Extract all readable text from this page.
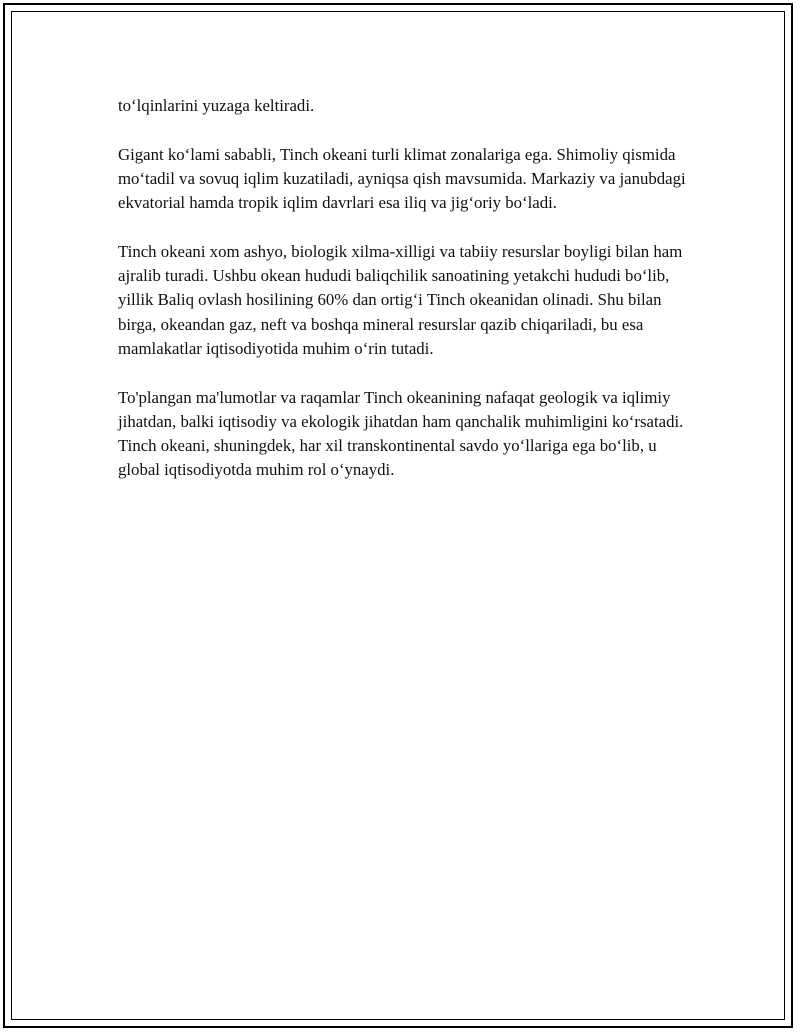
to‘lqinlarini yuzaga keltiradi.

Gigant ko‘lami sababli, Tinch okeani turli klimat zonalariga ega. Shimoliy qismida mo‘tadil va sovuq iqlim kuzatiladi, ayniqsa qish mavsumida. Markaziy va janubdagi ekvatorial hamda tropik iqlim davrlari esa iliq va jig‘oriy bo‘ladi.

Tinch okeani xom ashyo, biologik xilma-xilligi va tabiiy resurslar boyligi bilan ham ajralib turadi. Ushbu okean hududi baliqchilik sanoatining yetakchi hududi bo‘lib, yillik Baliq ovlash hosilining 60% dan ortig‘i Tinch okeanidan olinadi. Shu bilan birga, okeandan gaz, neft va boshqa mineral resurslar qazib chiqariladi, bu esa mamlakatlar iqtisodiyotida muhim o‘rin tutadi.

To'plangan ma'lumotlar va raqamlar Tinch okeanining nafaqat geologik va iqlimiy jihatdan, balki iqtisodiy va ekologik jihatdan ham qanchalik muhimligini ko‘rsatadi. Tinch okeani, shuningdek, har xil transkontinental savdo yo‘llariga ega bo‘lib, u global iqtisodiyotda muhim rol o‘ynaydi.
